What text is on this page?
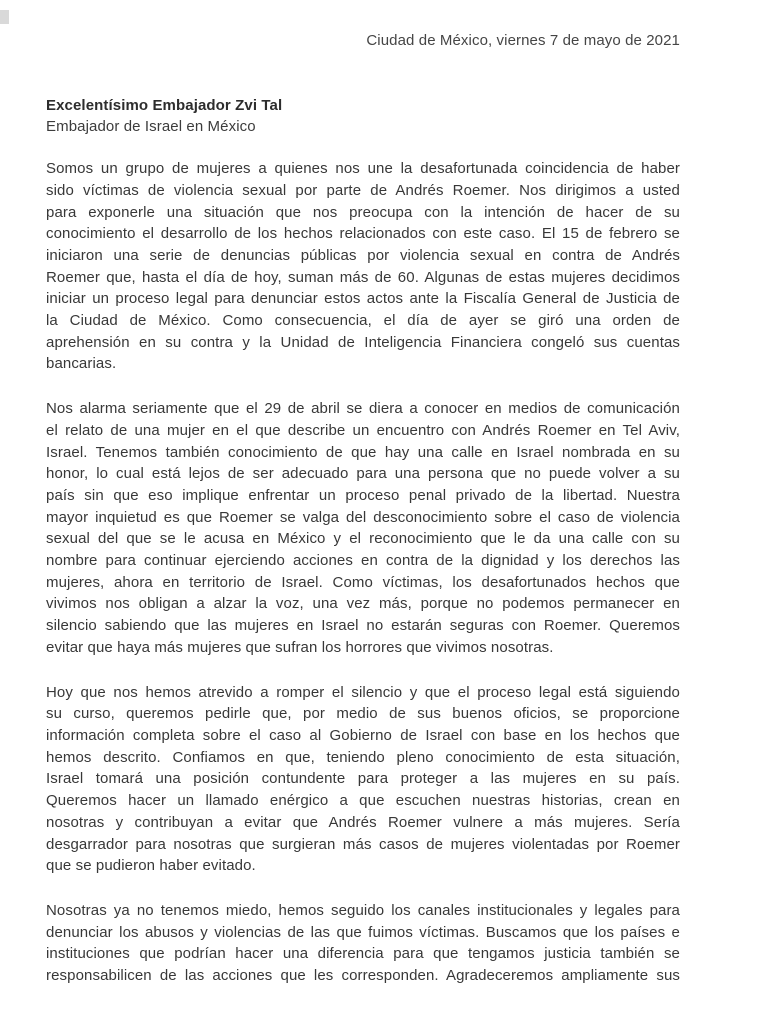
Ciudad de México, viernes 7 de mayo de 2021
Excelentísimo Embajador Zvi Tal
Embajador de Israel en México
Somos un grupo de mujeres a quienes nos une la desafortunada coincidencia de haber
sido víctimas de violencia sexual por parte de Andrés Roemer. Nos dirigimos a usted
para exponerle una situación que nos preocupa con la intención de hacer de su
conocimiento el desarrollo de los hechos relacionados con este caso. El 15 de febrero se
iniciaron una serie de denuncias públicas por violencia sexual en contra de Andrés
Roemer que, hasta el día de hoy, suman más de 60. Algunas de estas mujeres decidimos
iniciar un proceso legal para denunciar estos actos ante la Fiscalía General de Justicia de
la Ciudad de México. Como consecuencia, el día de ayer se giró una orden de
aprehensión en su contra y la Unidad de Inteligencia Financiera congeló sus cuentas
bancarias.
Nos alarma seriamente que el 29 de abril se diera a conocer en medios de comunicación
el relato de una mujer en el que describe un encuentro con Andrés Roemer en Tel Aviv,
Israel. Tenemos también conocimiento de que hay una calle en Israel nombrada en su
honor, lo cual está lejos de ser adecuado para una persona que no puede volver a su
país sin que eso implique enfrentar un proceso penal privado de la libertad. Nuestra
mayor inquietud es que Roemer se valga del desconocimiento sobre el caso de violencia
sexual del que se le acusa en México y el reconocimiento que le da una calle con su
nombre para continuar ejerciendo acciones en contra de la dignidad y los derechos las
mujeres, ahora en territorio de Israel. Como víctimas, los desafortunados hechos que
vivimos nos obligan a alzar la voz, una vez más, porque no podemos permanecer en
silencio sabiendo que las mujeres en Israel no estarán seguras con Roemer. Queremos
evitar que haya más mujeres que sufran los horrores que vivimos nosotras.
Hoy que nos hemos atrevido a romper el silencio y que el proceso legal está siguiendo
su curso, queremos pedirle que, por medio de sus buenos oficios, se proporcione
información completa sobre el caso al Gobierno de Israel con base en los hechos que
hemos descrito. Confiamos en que, teniendo pleno conocimiento de esta situación,
Israel tomará una posición contundente para proteger a las mujeres en su país.
Queremos hacer un llamado enérgico a que escuchen nuestras historias, crean en
nosotras y contribuyan a evitar que Andrés Roemer vulnere a más mujeres. Sería
desgarrador para nosotras que surgieran más casos de mujeres violentadas por Roemer
que se pudieron haber evitado.
Nosotras ya no tenemos miedo, hemos seguido los canales institucionales y legales para
denunciar los abusos y violencias de las que fuimos víctimas. Buscamos que los países e
instituciones que podrían hacer una diferencia para que tengamos justicia también se
responsabilicen de las acciones que les corresponden. Agradeceremos ampliamente sus
